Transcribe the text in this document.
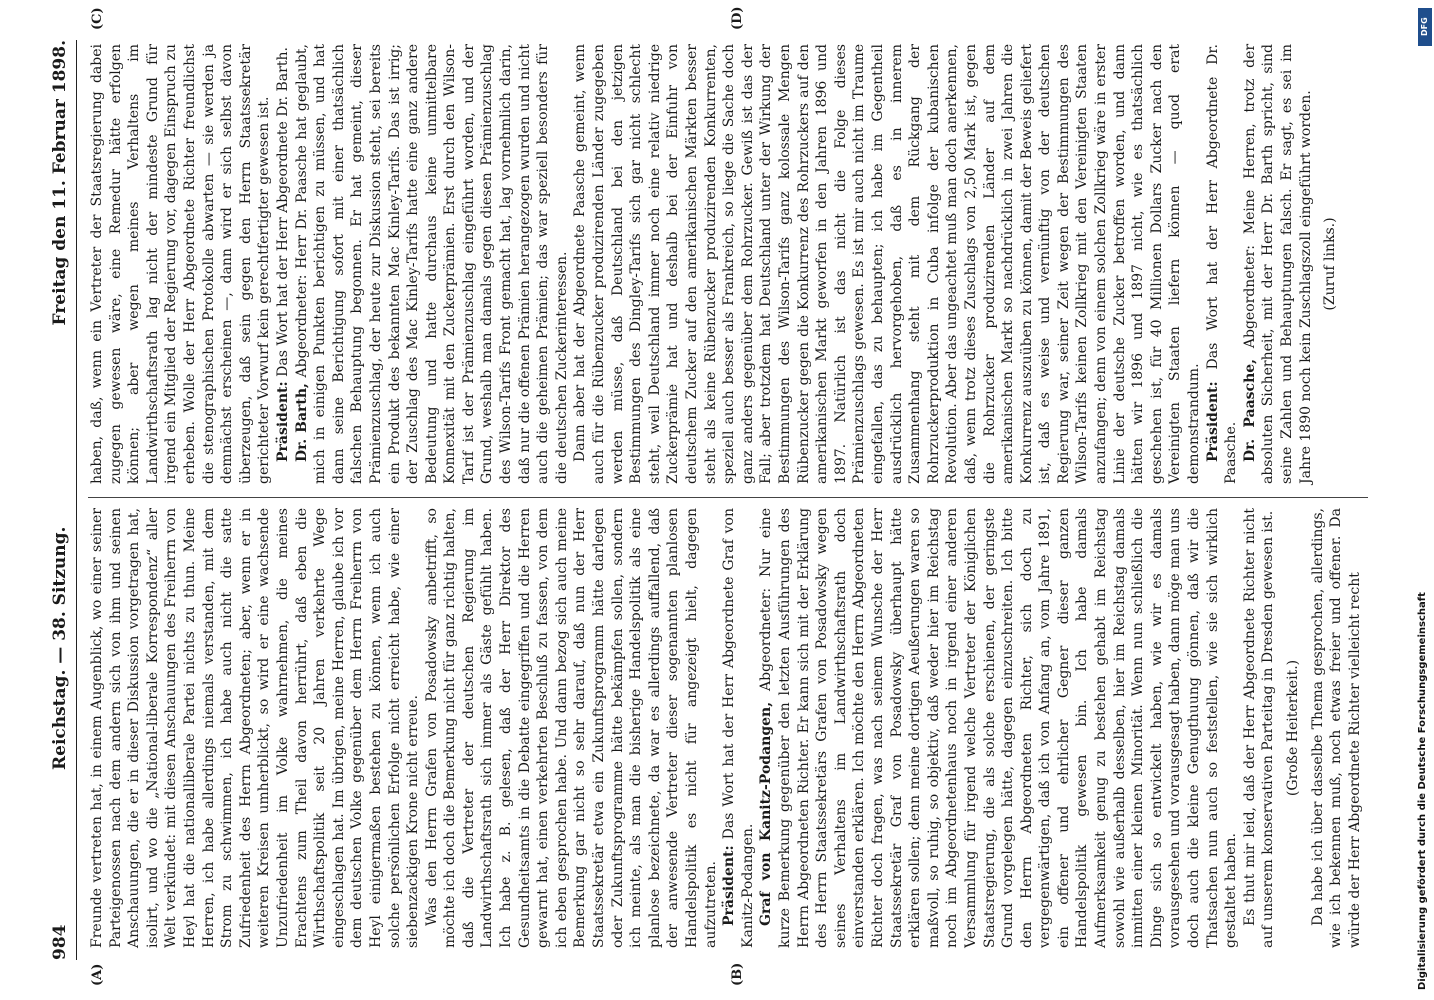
984
Reichstag. — 38. Sitzung.
Freitag den 11. Februar 1898.
(A)	(B)
(C)	(D)

Freunde vertreten hat, in einem Augenblick, wo einer seiner Parteigenossen nach dem andern sich von ihm und seinen Anschauungen, die er in dieser Diskussion vorgetragen hat, isolirt, und wo die „National-liberale Korrespondenz“ aller Welt verkündet: mit diesen Anschauungen des Freiherrn von Heyl hat die nationalliberale Partei nichts zu thun. Meine Herren, ich habe allerdings niemals verstanden, mit dem Strom zu schwimmen, ich habe auch nicht die satte Zufriedenheit des Herrn Abgeordneten; aber, wenn er in weiteren Kreisen umherblickt, so wird er eine wachsende Unzufriedenheit im Volke wahrnehmen, die meines Erachtens zum Theil davon herrührt, daß eben die Wirthschaftspolitik seit 20 Jahren verkehrte Wege eingeschlagen hat. Im übrigen, meine Herren, glaube ich vor dem deutschen Volke gegenüber dem Herrn Freiherrn von Heyl einigermaßen bestehen zu können, wenn ich auch solche persönlichen Erfolge nicht erreicht habe, wie einer siebenzackigen Krone nicht erreue. Was den Herrn Grafen von Posadowsky anbetrifft, so möchte ich doch die Bemerkung nicht für ganz richtig halten, daß die Vertreter der deutschen Regierung im Landwirthschaftsrath sich immer als Gäste gefühlt haben. Ich habe z. B. gelesen, daß der Herr Direktor des Gesundheitsamts in die Debatte eingegriffen und die Herren gewarnt hat, einen verkehrten Beschluß zu fassen, von dem ich eben gesprochen habe. Und dann bezog sich auch meine Bemerkung gar nicht so sehr darauf, daß nun der Herr Staatssekretär etwa ein Zukunftsprogramm hätte darlegen oder Zukunftsprogramme hätte bekämpfen sollen, sondern ich meinte, als man die bisherige Handelspolitik als eine planlose bezeichnete, da war es allerdings auffallend, daß der anwesende Vertreter dieser sogenannten planlosen Handelspolitik es nicht für angezeigt hielt, dagegen aufzutreten. Präsident: Das Wort hat der Herr Abgeordnete Graf von Kanitz-Podangen. Graf von Kanitz-Podangen, Abgeordneter: Nur eine kurze Bemerkung gegenüber den letzten Ausführungen des Herrn Abgeordneten Richter. Er kann sich mit der Erklärung des Herrn Staatssekretärs Grafen von Posadowsky wegen seines Verhaltens im Landwirthschaftsrath doch einverstanden erklären. Ich möchte den Herrn Abgeordneten Richter doch fragen, was nach seinem Wunsche der Herr Staatssekretär Graf von Posadowsky überhaupt hätte erklären sollen; denn meine dortigen Aeußerungen waren so maßvoll, so ruhig, so objektiv, daß weder hier im Reichstag noch im Abgeordnetenhaus noch in irgend einer anderen Versammlung für irgend welche Vertreter der Königlichen Staatsregierung, die als solche erschienen, der geringste Grund vorgelegen hätte, dagegen einzuschreiten. Ich bitte den Herrn Abgeordneten Richter, sich doch zu vergegenwärtigen, daß ich von Anfang an, vom Jahre 1891, ein offener und ehrlicher Gegner dieser ganzen Handelspolitik gewesen bin. Ich habe damals Aufmerksamkeit genug zu bestehen gehabt im Reichstag sowohl wie außerhalb desselben, hier im Reichstag damals inmitten einer kleinen Minorität. Wenn nun schließlich die Dinge sich so entwickelt haben, wie wir es damals vorausgesehen und vorausgesagt haben, dann möge man uns doch auch die kleine Genugthuung gönnen, daß wir die Thatsachen nun auch so feststellen, wie sie sich wirklich gestaltet haben. Es thut mir leid, daß der Herr Abgeordnete Richter nicht auf unserem konservativen Parteitag in Dresden gewesen ist. (Große Heiterkeit.) Da habe ich über dasselbe Thema gesprochen, allerdings, wie ich bekennen muß, noch etwas freier und offener. Da würde der Herr Abgeordnete Richter vielleicht recht

haben, daß, wenn ein Vertreter der Staatsregierung dabei zugegen gewesen wäre, eine Remedur hätte erfolgen können; aber wegen meines Verhaltens im Landwirthschaftsrath lag nicht der mindeste Grund für irgend ein Mitglied der Regierung vor, dagegen Einspruch zu erheben. Wolle der Herr Abgeordnete Richter freundlichst die stenographischen Protokolle abwarten — sie werden ja demnächst erscheinen —, dann wird er sich selbst davon überzeugen, daß sein gegen den Herrn Staatssekretär gerichteter Vorwurf kein gerechtfertigter gewesen ist. Präsident: Das Wort hat der Herr Abgeordnete Dr. Barth.

Dr. Barth, Abgeordneter: Herr Dr. Paasche hat geglaubt, mich in einigen Punkten berichtigen zu müssen, und hat dann seine Berichtigung sofort mit einer thatsächlich falschen Behauptung begonnen. Er hat gemeint, dieser Prämienzuschlag, der heute zur Diskussion steht, sei bereits ein Produkt des bekannten Mac Kinley-Tarifs. Das ist irrig; der Zuschlag des Mac Kinley-Tarifs hatte eine ganz andere Bedeutung und hatte durchaus keine unmittelbare Konnexität mit den Zuckerprämien. Erst durch den Wilson-Tarif ist der Prämienzuschlag eingeführt worden, und der Grund, weshalb man damals gegen diesen Prämienzuschlag des Wilson-Tarifs Front gemacht hat, lag vornehmlich darin, daß nur die offenen Prämien herangezogen wurden und nicht auch die geheimen Prämien; das war speziell besonders für die deutschen Zuckerinteressen. Dann aber hat der Abgeordnete Paasche gemeint, wenn auch für die Rübenzucker produzirenden Länder zugegeben werden müsse, daß Deutschland bei den jetzigen Bestimmungen des Dingley-Tarifs sich gar nicht schlecht steht, weil Deutschland immer noch eine relativ niedrige Zuckerprämie hat und deshalb bei der Einfuhr von deutschem Zucker auf den amerikanischen Märkten besser steht als keine Rübenzucker produzirenden Konkurrenten, speziell auch besser als Frankreich, so liege die Sache doch ganz anders gegenüber dem Rohrzucker. Gewiß ist das der Fall; aber trotzdem hat Deutschland unter der Wirkung der Bestimmungen des Wilson-Tarifs ganz kolossale Mengen Rübenzucker gegen die Konkurrenz des Rohrzuckers auf den amerikanischen Markt geworfen in den Jahren 1896 und 1897. Natürlich ist das nicht die Folge dieses Prämienzuschlags gewesen. Es ist mir auch nicht im Traume eingefallen, das zu behaupten; ich habe im Gegentheil ausdrücklich hervorgehoben, daß es in innerem Zusammenhang steht mit dem Rückgang der Rohrzuckerproduktion in Cuba infolge der kubanischen Revolution. Aber das ungeachtet muß man doch anerkennen, daß, wenn trotz dieses Zuschlags von 2,50 Mark ist, gegen die Rohrzucker produzirenden Länder auf dem amerikanischen Markt so nachdrücklich in zwei Jahren die Konkurrenz auszuüben zu können, damit der Beweis geliefert ist, daß es weise und vernünftig von der deutschen Regierung war, seiner Zeit wegen der Bestimmungen des Wilson-Tarifs keinen Zollkrieg mit den Vereinigten Staaten anzufangen; denn von einem solchen Zollkrieg wäre in erster Linie der deutsche Zucker betroffen worden, und dann hätten wir 1896 und 1897 nicht, wie es thatsächlich geschehen ist, für 40 Millionen Dollars Zucker nach den Vereinigten Staaten liefern können — quod erat demonstrandum. Präsident: Das Wort hat der Herr Abgeordnete Dr. Paasche. Dr. Paasche, Abgeordneter: Meine Herren, trotz der absoluten Sicherheit, mit der Herr Dr. Barth spricht, sind seine Zahlen und Behauptungen falsch. Er sagt, es sei im Jahre 1890 noch kein Zuschlagszoll eingeführt worden. (Zuruf links.)

Digitalisierung gefördert durch die Deutsche Forschungsgemeinschaft
DFG
